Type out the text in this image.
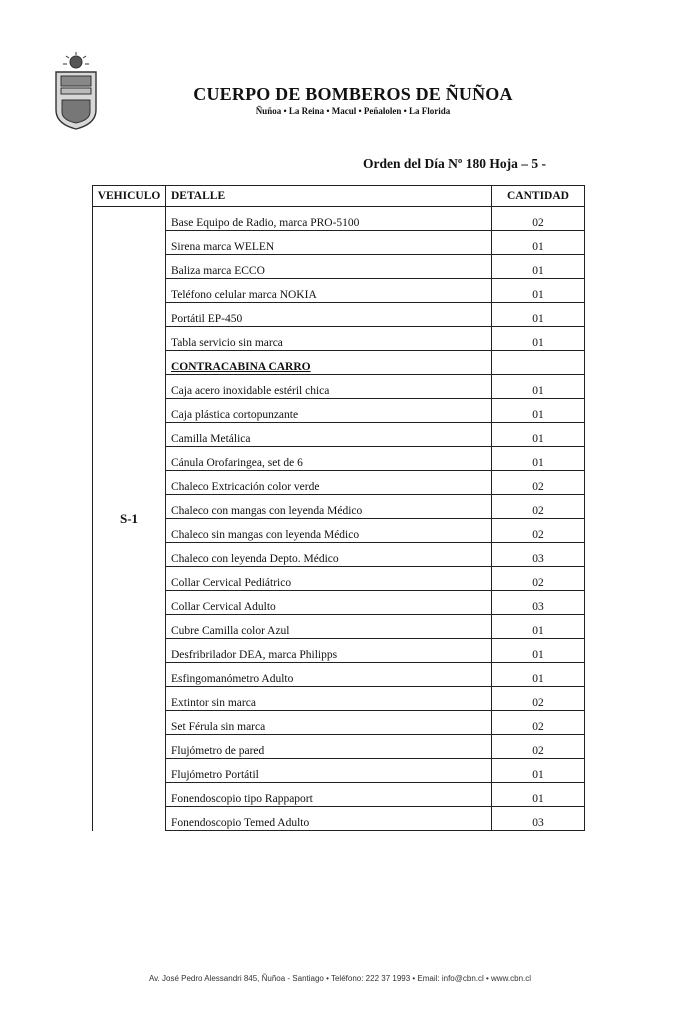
CUERPO DE BOMBEROS DE ÑUÑOA
Ñuñoa • La Reina • Macul • Peñalolen • La Florida
Orden del Día Nº 180 Hoja – 5 -
VEHICULO	DETALLE	CANTIDAD
S-1	Base Equipo de Radio, marca PRO-5100	02
	Sirena marca WELEN	01
	Baliza marca ECCO	01
	Teléfono celular marca NOKIA	01
	Portátil EP-450	01
	Tabla servicio sin marca	01
	CONTRACABINA CARRO	
	Caja acero inoxidable estéril chica	01
	Caja plástica cortopunzante	01
	Camilla Metálica	01
	Cánula Orofaringea, set de 6	01
	Chaleco Extricación color verde	02
	Chaleco con mangas con leyenda Médico	02
	Chaleco sin mangas con leyenda Médico	02
	Chaleco con leyenda Depto. Médico	03
	Collar Cervical Pediátrico	02
	Collar Cervical Adulto	03
	Cubre Camilla color Azul	01
	Desfribrilador DEA, marca Philipps	01
	Esfingomanómetro Adulto	01
	Extintor sin marca	02
	Set Férula sin marca	02
	Flujómetro de pared	02
	Flujómetro Portátil	01
	Fonendoscopio tipo Rappaport	01
	Fonendoscopio Temed Adulto	03
Av. José Pedro Alessandri 845, Ñuñoa - Santiago • Teléfono: 222 37 1993 • Email: info@cbn.cl • www.cbn.cl
